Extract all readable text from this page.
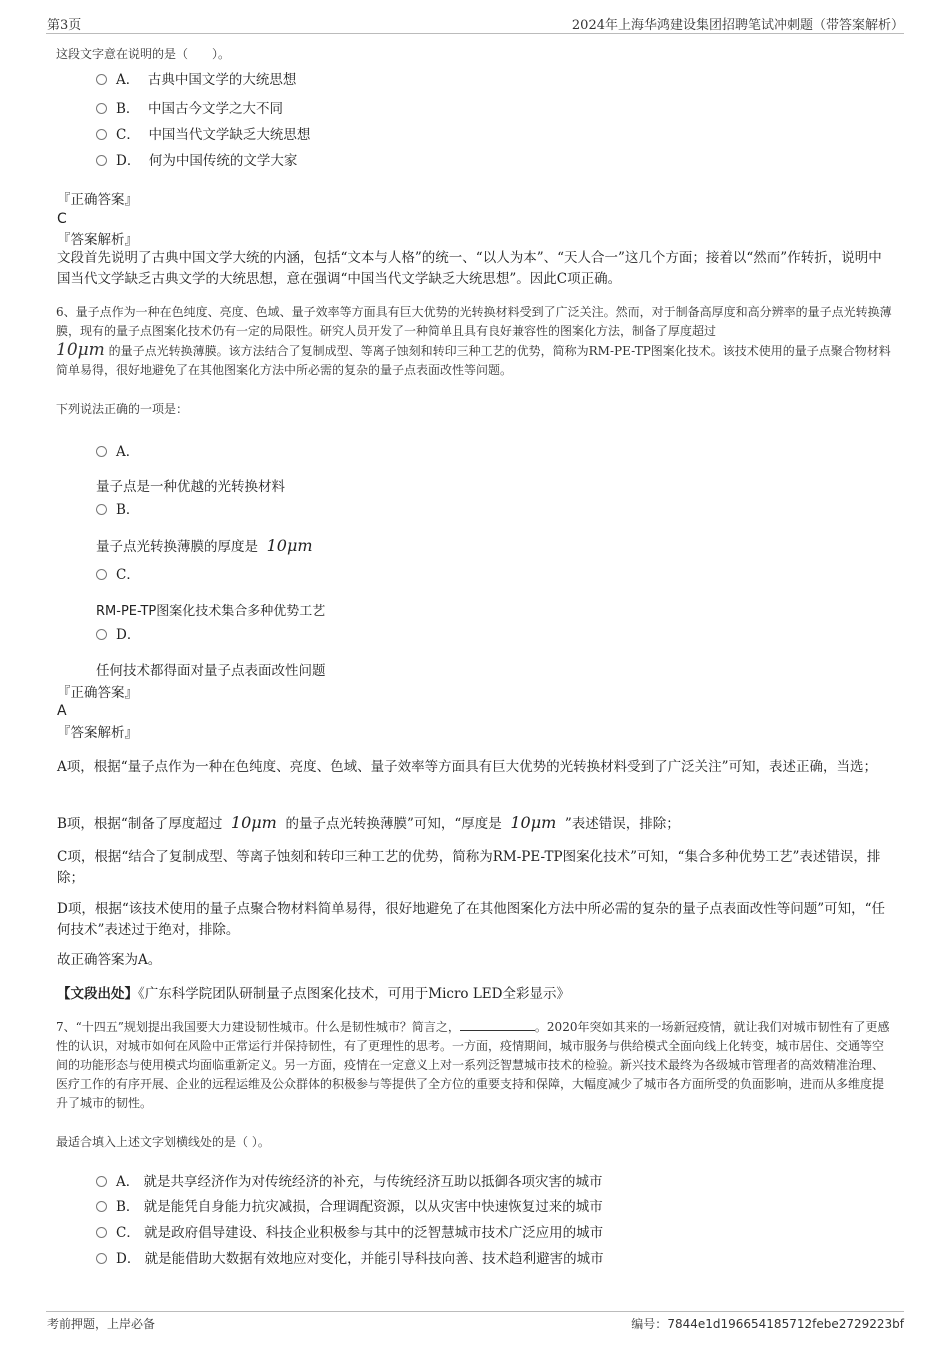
第3页	2024年上海华鸿建设集团招聘笔试冲刺题（带答案解析）
这段文字意在说明的是（　　）。
A． 古典中国文学的大统思想
B． 中国古今文学之大不同
C． 中国当代文学缺乏大统思想
D． 何为中国传统的文学大家
『正确答案』
C
『答案解析』
文段首先说明了古典中国文学大统的内涵，包括“文本与人格”的统一、“以人为本”、“天人合一”这几个方面；接着以“然而”作转折，说明中国当代文学缺乏古典文学的大统思想，意在强调“中国当代文学缺乏大统思想”。因此C项正确。
6、量子点作为一种在色纯度、亮度、色域、量子效率等方面具有巨大优势的光转换材料受到了广泛关注。然而，对于制备高厚度和高分辨率的量子点光转换薄膜，现有的量子点图案化技术仍有一定的局限性。研究人员开发了一种简单且具有良好兼容性的图案化方法，制备了厚度超过
10μm 的量子点光转换薄膜。该方法结合了复制成型、等离子蚀刻和转印三种工艺的优势，简称为RM-PE-TP图案化技术。该技术使用的量子点聚合物材料简单易得，很好地避免了在其他图案化方法中所必需的复杂的量子点表面改性等问题。
下列说法正确的一项是：
A．
量子点是一种优越的光转换材料
B．
量子点光转换薄膜的厚度是 10μm
C．
RM-PE-TP图案化技术集合多种优势工艺
D．
任何技术都得面对量子点表面改性问题
『正确答案』
A
『答案解析』
A项，根据“量子点作为一种在色纯度、亮度、色域、量子效率等方面具有巨大优势的光转换材料受到了广泛关注”可知，表述正确，当选；
B项，根据“制备了厚度超过 10μm 的量子点光转换薄膜”可知，“厚度是 10μm ”表述错误，排除；
C项，根据“结合了复制成型、等离子蚀刻和转印三种工艺的优势，简称为RM-PE-TP图案化技术”可知，“集合多种优势工艺”表述错误，排除；
D项，根据“该技术使用的量子点聚合物材料简单易得，很好地避免了在其他图案化方法中所必需的复杂的量子点表面改性等问题”可知，“任何技术”表述过于绝对，排除。
故正确答案为A。
【文段出处】《广东科学院团队研制量子点图案化技术，可用于Micro LED全彩显示》
7、“十四五”规划提出我国要大力建设韧性城市。什么是韧性城市？简言之，	。2020年突如其来的一场新冠疫情，就让我们对城市韧性有了更感性的认识，对城市如何在风险中正常运行并保持韧性，有了更理性的思考。一方面，疫情期间，城市服务与供给模式全面向线上化转变，城市居住、交通等空间的功能形态与使用模式均面临重新定义。另一方面，疫情在一定意义上对一系列泛智慧城市技术的检验。新兴技术最终为各级城市管理者的高效精准治理、医疗工作的有序开展、企业的远程运维及公众群体的积极参与等提供了全方位的重要支持和保障，大幅度减少了城市各方面所受的负面影响，进而从多维度提升了城市的韧性。
最适合填入上述文字划横线处的是（ ）。
A． 就是共享经济作为对传统经济的补充，与传统经济互助以抵御各项灾害的城市
B． 就是能凭自身能力抗灾减损，合理调配资源，以从灾害中快速恢复过来的城市
C． 就是政府倡导建设、科技企业积极参与其中的泛智慧城市技术广泛应用的城市
D． 就是能借助大数据有效地应对变化，并能引导科技向善、技术趋利避害的城市
考前押题，上岸必备	编号：7844e1d196654185712febe2729223bf
